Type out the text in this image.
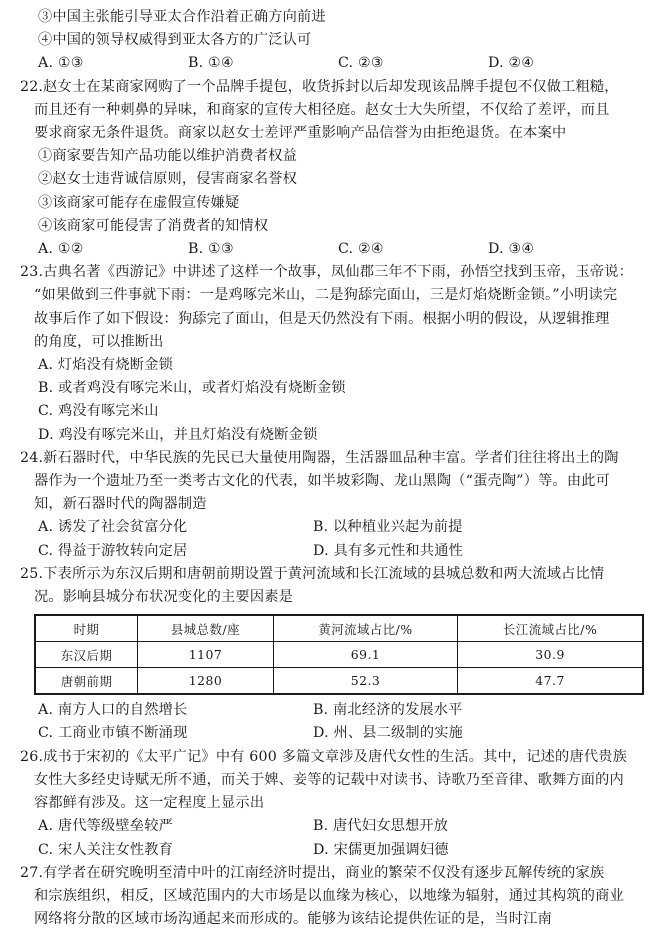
③中国主张能引导亚太合作沿着正确方向前进
④中国的领导权威得到亚太各方的广泛认可
A. ①③	B. ①④	C. ②③	D. ②④
22.赵女士在某商家网购了一个品牌手提包，收货拆封以后却发现该品牌手提包不仅做工粗糙，
而且还有一种刺鼻的异味，和商家的宣传大相径庭。赵女士大失所望，不仅给了差评，而且
要求商家无条件退货。商家以赵女士差评严重影响产品信誉为由拒绝退货。在本案中
①商家要告知产品功能以维护消费者权益
②赵女士违背诚信原则，侵害商家名誉权
③该商家可能存在虚假宣传嫌疑
④该商家可能侵害了消费者的知情权
A. ①②	B. ①③	C. ②④	D. ③④
23.古典名著《西游记》中讲述了这样一个故事，凤仙郡三年不下雨，孙悟空找到玉帝，玉帝说：
“如果做到三件事就下雨：一是鸡啄完米山，二是狗舔完面山，三是灯焰烧断金锁。”小明读完
故事后作了如下假设：狗舔完了面山，但是天仍然没有下雨。根据小明的假设，从逻辑推理
的角度，可以推断出
A. 灯焰没有烧断金锁
B. 或者鸡没有啄完米山，或者灯焰没有烧断金锁
C. 鸡没有啄完米山
D. 鸡没有啄完米山，并且灯焰没有烧断金锁
24.新石器时代，中华民族的先民已大量使用陶器，生活器皿品种丰富。学者们往往将出土的陶
器作为一个遗址乃至一类考古文化的代表，如半坡彩陶、龙山黑陶（“蛋壳陶”）等。由此可
知，新石器时代的陶器制造
A. 诱发了社会贫富分化	B. 以种植业兴起为前提
C. 得益于游牧转向定居	D. 具有多元性和共通性
25.下表所示为东汉后期和唐朝前期设置于黄河流域和长江流域的县城总数和两大流域占比情
况。影响县城分布状况变化的主要因素是
时期	县城总数/座	黄河流域占比/%	长江流域占比/%
东汉后期	1107	69.1	30.9
唐朝前期	1280	52.3	47.7
A. 南方人口的自然增长	B. 南北经济的发展水平
C. 工商业市镇不断涌现	D. 州、县二级制的实施
26.成书于宋初的《太平广记》中有 600 多篇文章涉及唐代女性的生活。其中，记述的唐代贵族
女性大多经史诗赋无所不通，而关于婢、妾等的记载中对读书、诗歌乃至音律、歌舞方面的内
容都鲜有涉及。这一定程度上显示出
A. 唐代等级壁垒较严	B. 唐代妇女思想开放
C. 宋人关注女性教育	D. 宋儒更加强调妇德
27.有学者在研究晚明至清中叶的江南经济时提出，商业的繁荣不仅没有逐步瓦解传统的家族
和宗族组织，相反，区域范围内的大市场是以血缘为核心，以地缘为辐射，通过其构筑的商业
网络将分散的区域市场沟通起来而形成的。能够为该结论提供佐证的是，当时江南
